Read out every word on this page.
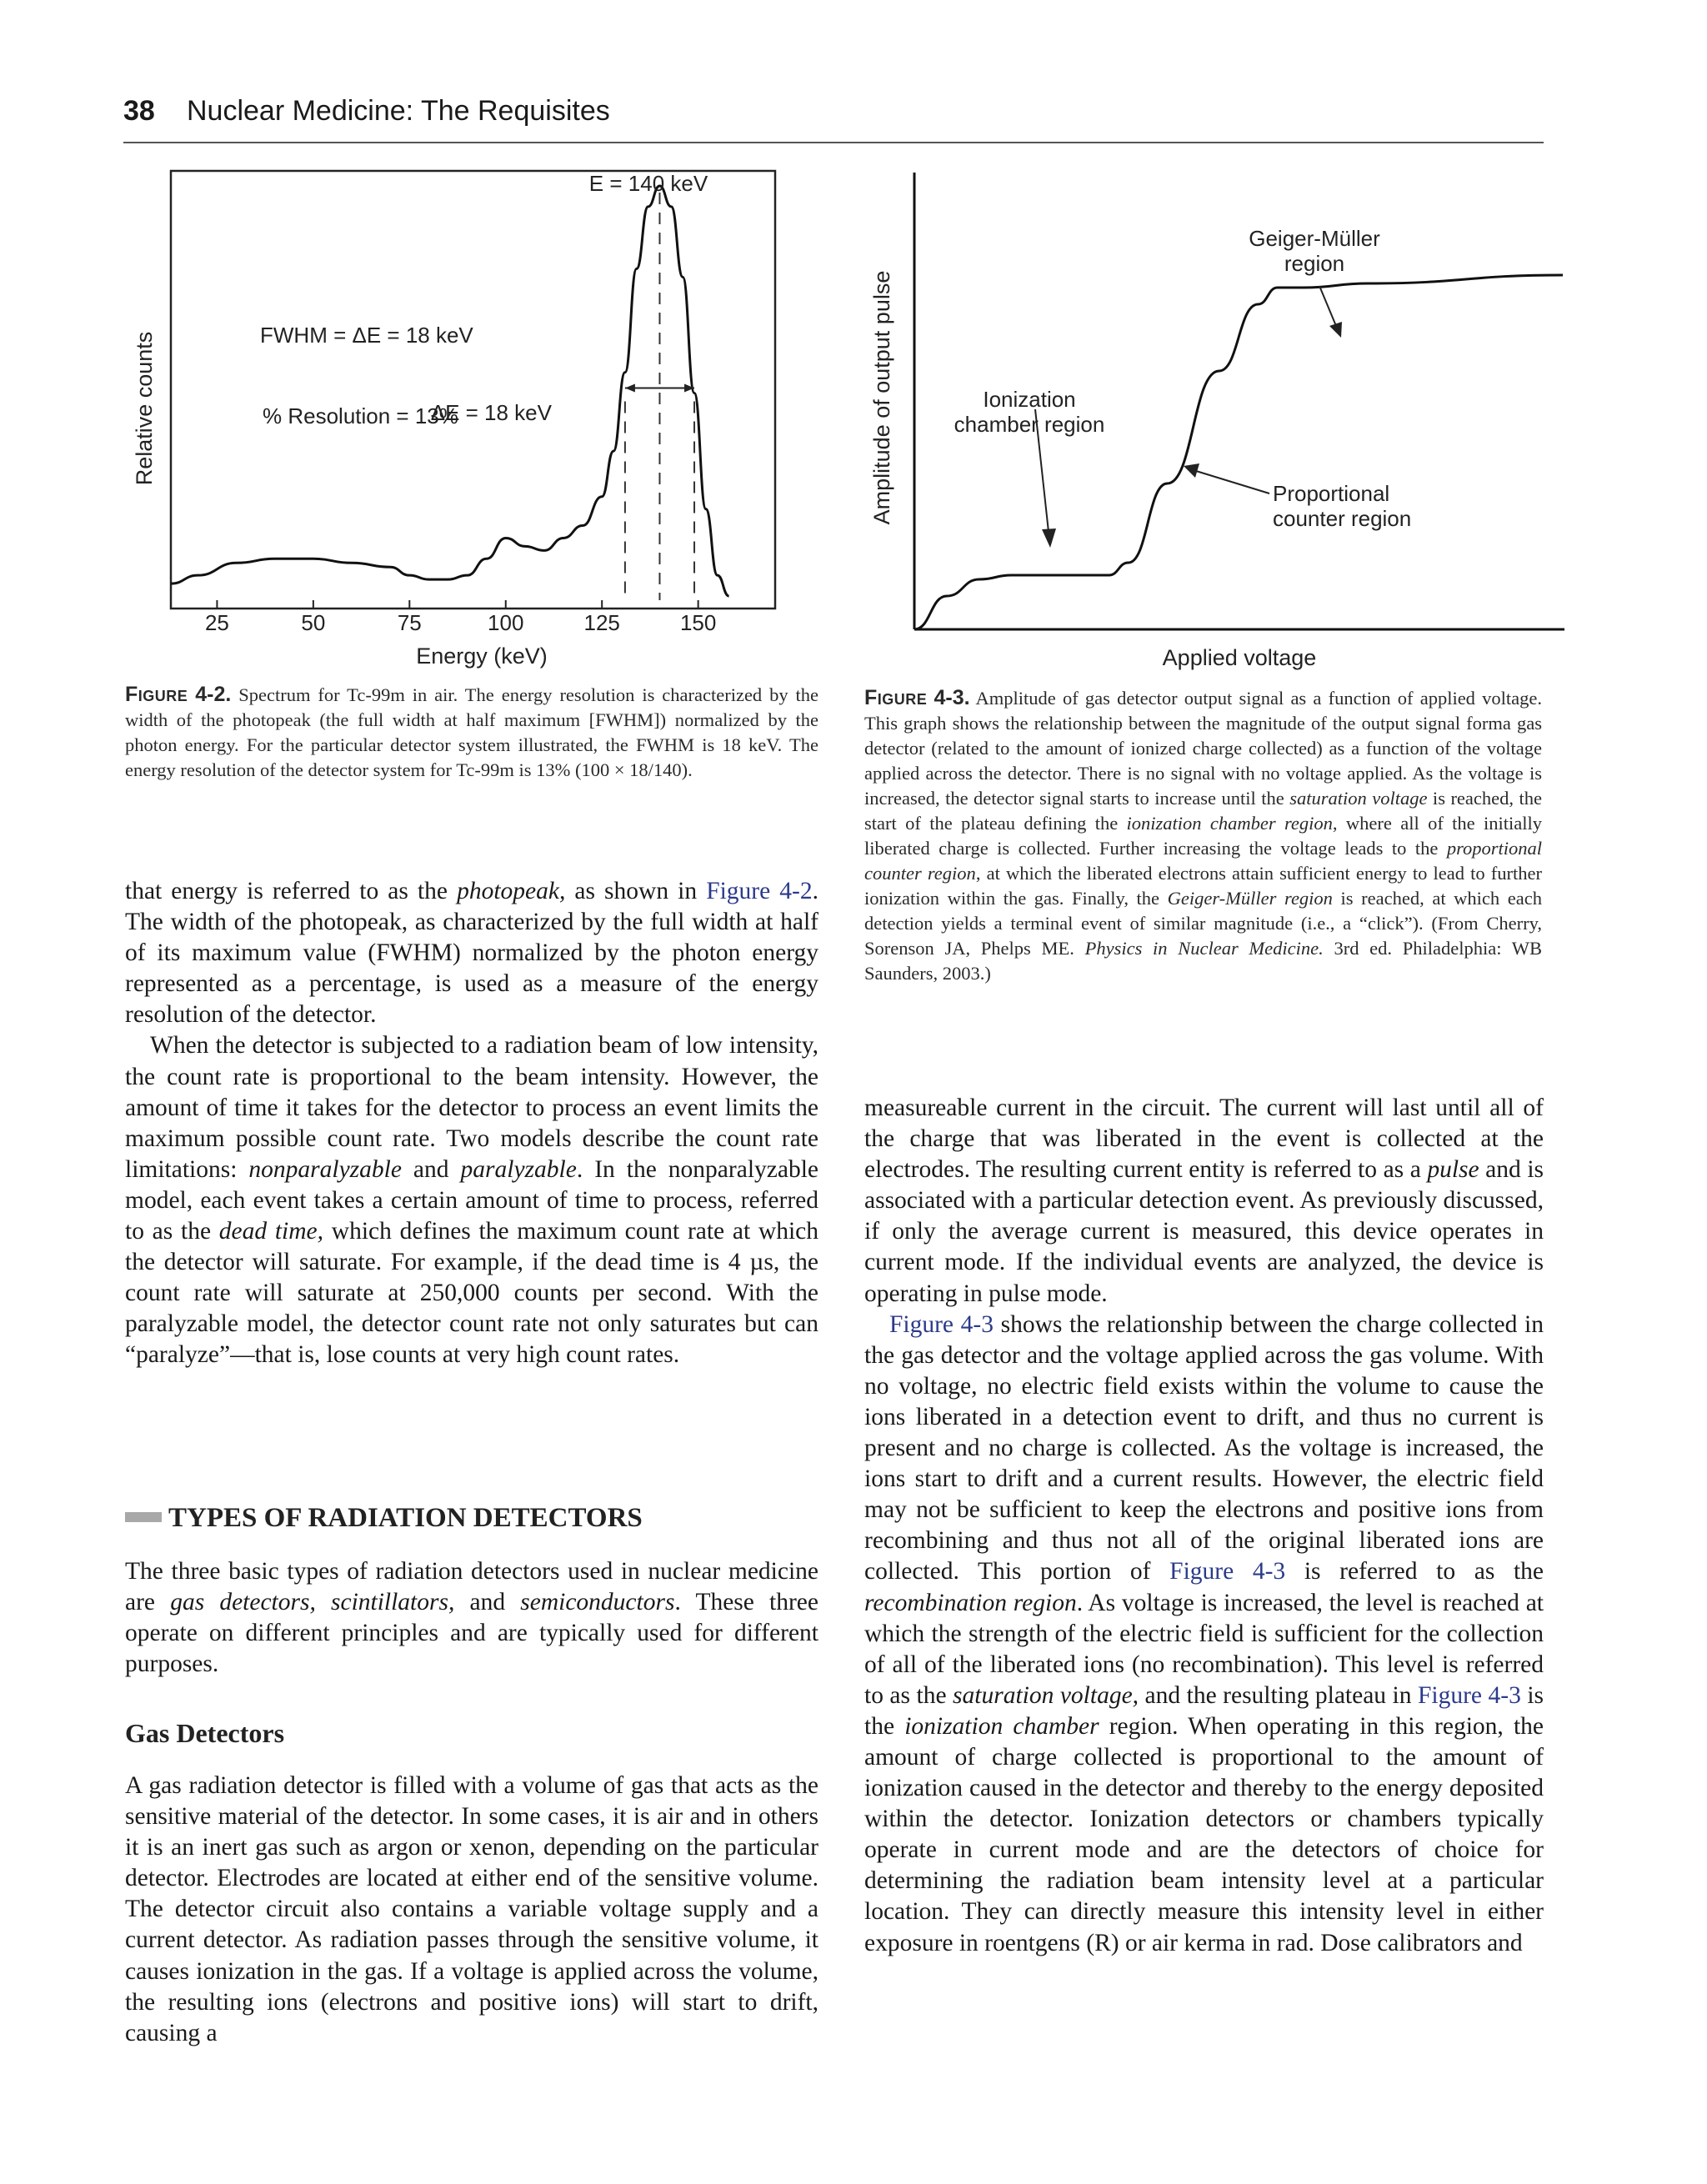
38 Nuclear Medicine: The Requisites
25	50	75	100	125	150
E = 140 keV
FWHM = ΔE = 18 keV
% Resolution = 13%
ΔE = 18 keV
Energy (keV)
Relative counts
Figure 4-2. Spectrum for Tc-99m in air. The energy resolution is characterized by the width of the photopeak (the full width at half maximum [FWHM]) normalized by the photon energy. For the particular detector system illustrated, the FWHM is 18 keV. The energy resolution of the detector system for Tc-99m is 13% (100 × 18/140).
Geiger-Müller
region
Ionization
chamber region
Proportional
counter region
Applied voltage
Amplitude of output pulse
Figure 4-3. Amplitude of gas detector output signal as a function of applied voltage. This graph shows the relationship between the magnitude of the output signal forma gas detector (related to the amount of ionized charge collected) as a function of the voltage applied across the detector. There is no signal with no voltage applied. As the voltage is increased, the detector signal starts to increase until the saturation voltage is reached, the start of the plateau defining the ionization chamber region, where all of the initially liberated charge is collected. Further increasing the voltage leads to the proportional counter region, at which the liberated electrons attain sufficient energy to lead to further ionization within the gas. Finally, the Geiger-Müller region is reached, at which each detection yields a terminal event of similar magnitude (i.e., a “click”). (From Cherry, Sorenson JA, Phelps ME. Physics in Nuclear Medicine. 3rd ed. Philadelphia: WB Saunders, 2003.)

that energy is referred to as the photopeak, as shown in Figure 4-2. The width of the photopeak, as characterized by the full width at half of its maximum value (FWHM) normalized by the photon energy represented as a percentage, is used as a measure of the energy resolution of the detector.

When the detector is subjected to a radiation beam of low intensity, the count rate is proportional to the beam intensity. However, the amount of time it takes for the detector to process an event limits the maximum possible count rate. Two models describe the count rate limitations: nonparalyzable and paralyzable. In the nonparalyzable model, each event takes a certain amount of time to process, referred to as the dead time, which defines the maximum count rate at which the detector will saturate. For example, if the dead time is 4 µs, the count rate will saturate at 250,000 counts per second. With the paralyzable model, the detector count rate not only saturates but can “paralyze”—that is, lose counts at very high count rates.

TYPES OF RADIATION DETECTORS

The three basic types of radiation detectors used in nuclear medicine are gas detectors, scintillators, and semiconductors. These three operate on different principles and are typically used for different purposes.

Gas Detectors

A gas radiation detector is filled with a volume of gas that acts as the sensitive material of the detector. In some cases, it is air and in others it is an inert gas such as argon or xenon, depending on the particular detector. Electrodes are located at either end of the sensitive volume. The detector circuit also contains a variable voltage supply and a current detector. As radiation passes through the sensitive volume, it causes ionization in the gas. If a voltage is applied across the volume, the resulting ions (electrons and positive ions) will start to drift, causing a

measureable current in the circuit. The current will last until all of the charge that was liberated in the event is collected at the electrodes. The resulting current entity is referred to as a pulse and is associated with a particular detection event. As previously discussed, if only the average current is measured, this device operates in current mode. If the individual events are analyzed, the device is operating in pulse mode.

Figure 4-3 shows the relationship between the charge collected in the gas detector and the voltage applied across the gas volume. With no voltage, no electric field exists within the volume to cause the ions liberated in a detection event to drift, and thus no current is present and no charge is collected. As the voltage is increased, the ions start to drift and a current results. However, the electric field may not be sufficient to keep the electrons and positive ions from recombining and thus not all of the original liberated ions are collected. This portion of Figure 4-3 is referred to as the recombination region. As voltage is increased, the level is reached at which the strength of the electric field is sufficient for the collection of all of the liberated ions (no recombination). This level is referred to as the saturation voltage, and the resulting plateau in Figure 4-3 is the ionization chamber region. When operating in this region, the amount of charge collected is proportional to the amount of ionization caused in the detector and thereby to the energy deposited within the detector. Ionization detectors or chambers typically operate in current mode and are the detectors of choice for determining the radiation beam intensity level at a particular location. They can directly measure this intensity level in either exposure in roentgens (R) or air kerma in rad. Dose calibrators and
